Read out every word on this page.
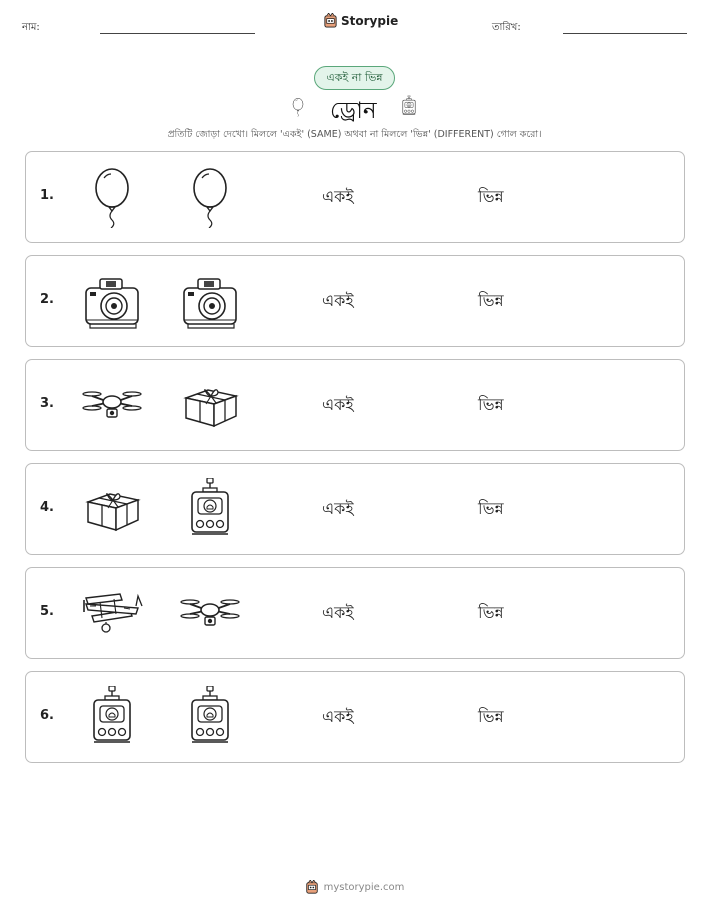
নাম:	Storypie	তারিখ:
একই না ভিন্ন
ড্রোন
প্রতিটি জোড়া দেখো। মিললে 'একই' (SAME) অথবা না মিললে 'ভিন্ন' (DIFFERENT) গোল করো।
1.	একই	ভিন্ন
2.	একই	ভিন্ন
3.	একই	ভিন্ন
4.	একই	ভিন্ন
5.	একই	ভিন্ন
6.	একই	ভিন্ন
mystorypie.com
